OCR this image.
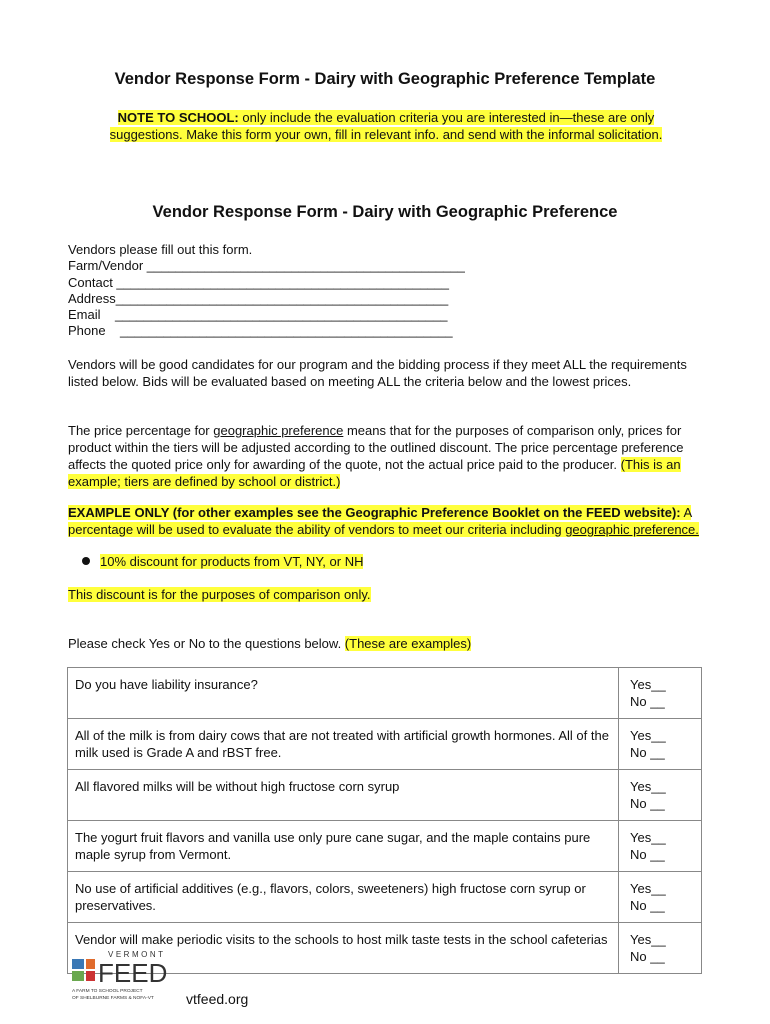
Vendor Response Form - Dairy with Geographic Preference Template
NOTE TO SCHOOL: only include the evaluation criteria you are interested in—these are only suggestions. Make this form your own, fill in relevant info. and send with the informal solicitation.
Vendor Response Form - Dairy with Geographic Preference
Vendors please fill out this form.
Farm/Vendor ____________________________________________
Contact ______________________________________________
Address______________________________________________
Email    ______________________________________________
Phone    ______________________________________________
Vendors will be good candidates for our program and the bidding process if they meet ALL the requirements listed below. Bids will be evaluated based on meeting ALL the criteria below and the lowest prices.
The price percentage for geographic preference means that for the purposes of comparison only, prices for product within the tiers will be adjusted according to the outlined discount. The price percentage preference affects the quoted price only for awarding of the quote, not the actual price paid to the producer. (This is an example; tiers are defined by school or district.)
EXAMPLE ONLY (for other examples see the Geographic Preference Booklet on the FEED website): A percentage will be used to evaluate the ability of vendors to meet our criteria including geographic preference.
10% discount for products from VT, NY, or NH
This discount is for the purposes of comparison only.
Please check Yes or No to the questions below. (These are examples)
Do you have liability insurance?	Yes__
No __

All of the milk is from dairy cows that are not treated with artificial growth hormones. All of the milk used is Grade A and rBST free.	Yes__
No __

All flavored milks will be without high fructose corn syrup	Yes__
No __

The yogurt fruit flavors and vanilla use only pure cane sugar, and the maple contains pure maple syrup from Vermont.	Yes__
No __

No use of artificial additives (e.g., flavors, colors, sweeteners) high fructose corn syrup or preservatives.	Yes__
No __

Vendor will make periodic visits to the schools to host milk taste tests in the school cafeterias	Yes__
No __
VERMONT
FEED
A FARM TO SCHOOL PROJECT
OF SHELBURNE FARMS & NOFA-VT vtfeed.org
